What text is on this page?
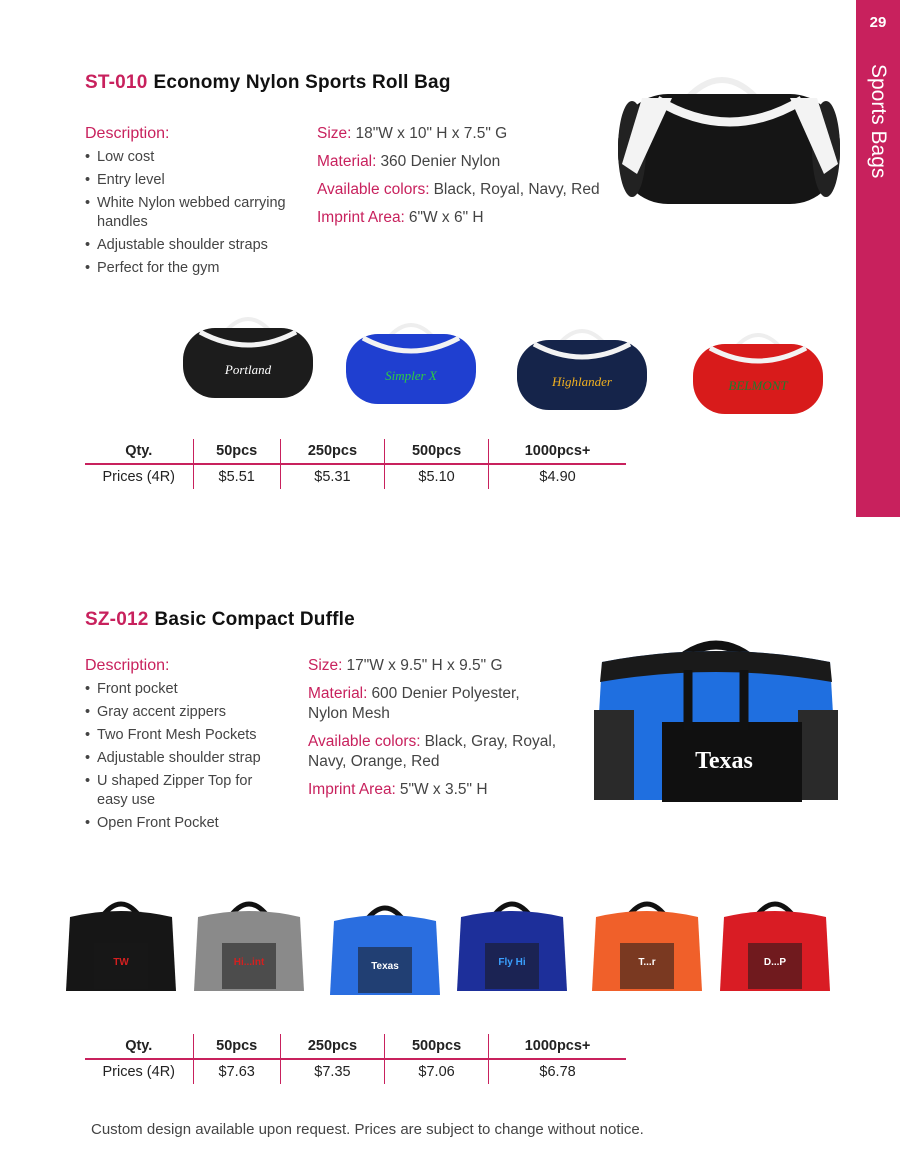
29
Sports Bags
ST-010 Economy Nylon Sports Roll Bag
Description:
• Low cost
• Entry level
• White Nylon webbed carrying handles
• Adjustable shoulder straps
• Perfect for the gym
Size: 18"W x 10" H x 7.5" G
Material: 360 Denier Nylon
Available colors: Black, Royal, Navy, Red
Imprint Area: 6"W x 6" H
Portland	Simpler X	Highlander	BELMONT
Qty.	50pcs	250pcs	500pcs	1000pcs+
Prices (4R)	$5.51	$5.31	$5.10	$4.90
SZ-012 Basic Compact Duffle
Description:
• Front pocket
• Gray accent zippers
• Two Front Mesh Pockets
• Adjustable shoulder strap
• U shaped Zipper Top for easy use
• Open Front Pocket
Size: 17"W x 9.5" H x 9.5" G
Material: 600 Denier Polyester, Nylon Mesh
Available colors: Black, Gray, Royal, Navy, Orange, Red
Imprint Area: 5"W x 3.5" H
Texas
TW	Hi...int	Texas	Fly Hi	T...r	D...P
Qty.	50pcs	250pcs	500pcs	1000pcs+
Prices (4R)	$7.63	$7.35	$7.06	$6.78
Custom design available upon request. Prices are subject to change without notice.
